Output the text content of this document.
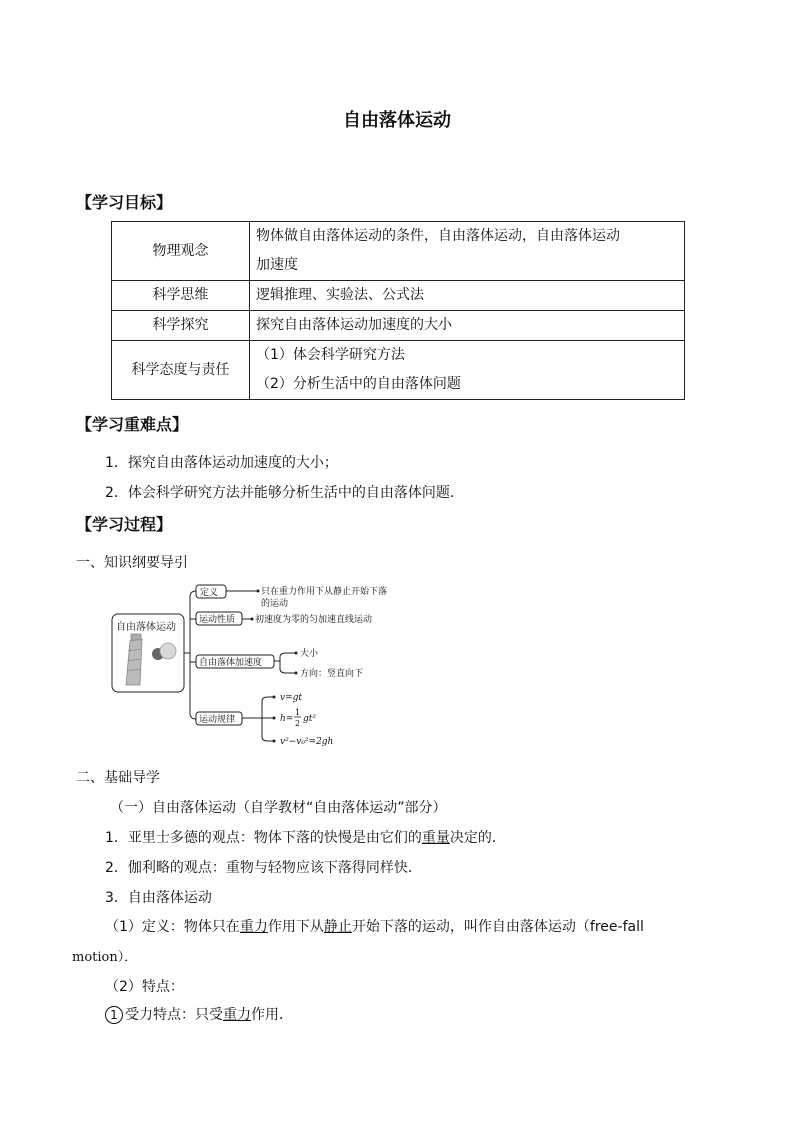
自由落体运动
【学习目标】
物理观念	物体做自由落体运动的条件，自由落体运动，自由落体运动
加速度

科学思维	逻辑推理、实验法、公式法
科学探究	探究自由落体运动加速度的大小
科学态度与责任	（1）体会科学研究方法
（2）分析生活中的自由落体问题
【学习重难点】
1．探究自由落体运动加速度的大小；
2．体会科学研究方法并能够分析生活中的自由落体问题．
【学习过程】
一、知识纲要导引
自由落体运动
定义	只在重力作用下从静止开始下落
的运动
运动性质 初速度为零的匀加速直线运动
自由落体加速度
大小
方向：竖直向下
运动规律
v=gt
h=
1
2 gt²
v²−v₀²=2gh
二、基础导学
（一）自由落体运动（自学教材“自由落体运动”部分）
1．亚里士多德的观点：物体下落的快慢是由它们的重量决定的．
2．伽利略的观点：重物与轻物应该下落得同样快．
3．自由落体运动
（1）定义：物体只在重力作用下从静止开始下落的运动，叫作自由落体运动（free-fall
motion）．
（2）特点：
1 受力特点：只受重力作用．
